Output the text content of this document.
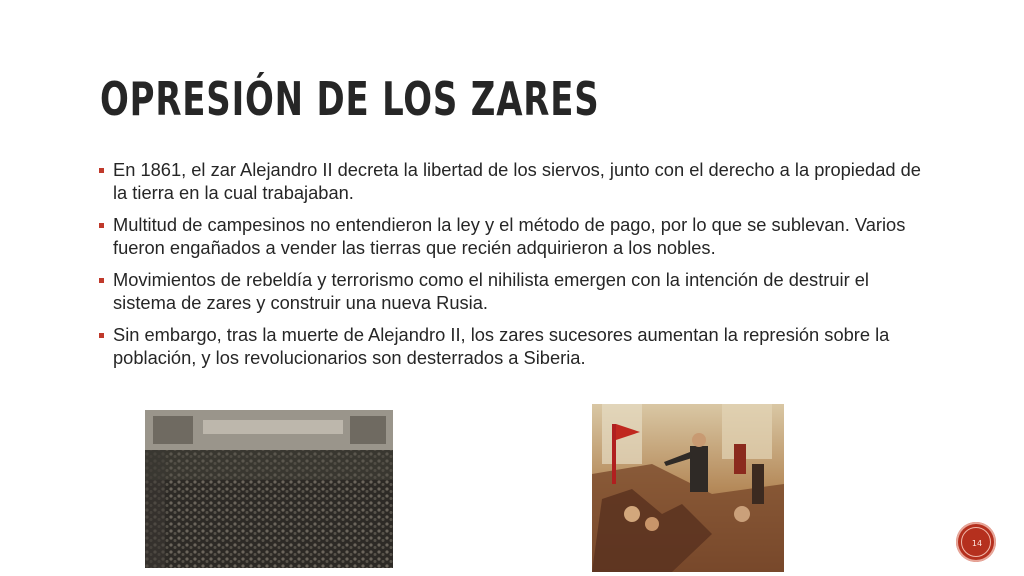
OPRESIÓN DE LOS ZARES
En 1861, el zar Alejandro II decreta la libertad de los siervos, junto con el derecho a la propiedad de la tierra en la cual trabajaban.
Multitud de campesinos no entendieron la ley y el método de pago, por lo que se sublevan. Varios fueron engañados a vender las tierras que recién adquirieron a los nobles.
Movimientos de rebeldía y terrorismo como el nihilista emergen con la intención de destruir el sistema de zares y construir una nueva Rusia.
Sin embargo, tras la muerte de Alejandro II, los zares sucesores aumentan la represión sobre la población, y los revolucionarios son desterrados a Siberia.
14
